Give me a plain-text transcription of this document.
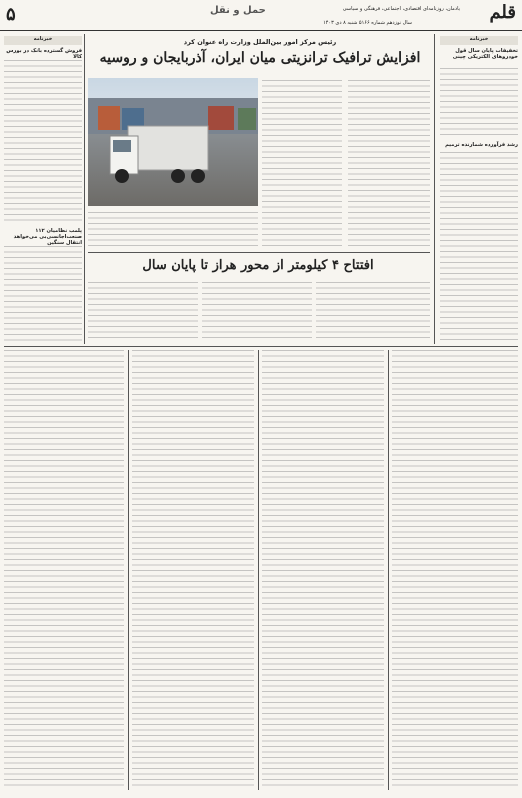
قلم
یادمان، روزنامه‌ای اقتصادی، اجتماعی، فرهنگی و سیاسی
سال نوزدهم شماره ۵۱۶۶ شنبه ۸ دی ۱۴۰۳
حمل و نقل
۵
خبرنامه
تخفیفات پایان سال قول خودروهای الکتریکی چینی
رشد فرآورده شمارنده ترمیم
خبرنامه
فروش گسترده بانک در بورس کالا
پلمب نظامیان ۱۱۲ صنعت‌اجانسی‌بی می‌خواهد انتقال سنگین
رئیس مرکز امور بین‌الملل وزارت راه عنوان کرد
افزایش ترافیک ترانزیتی میان ایران، آذربایجان و روسیه
افتتاح ۴ کیلومتر از محور هراز تا پایان سال
